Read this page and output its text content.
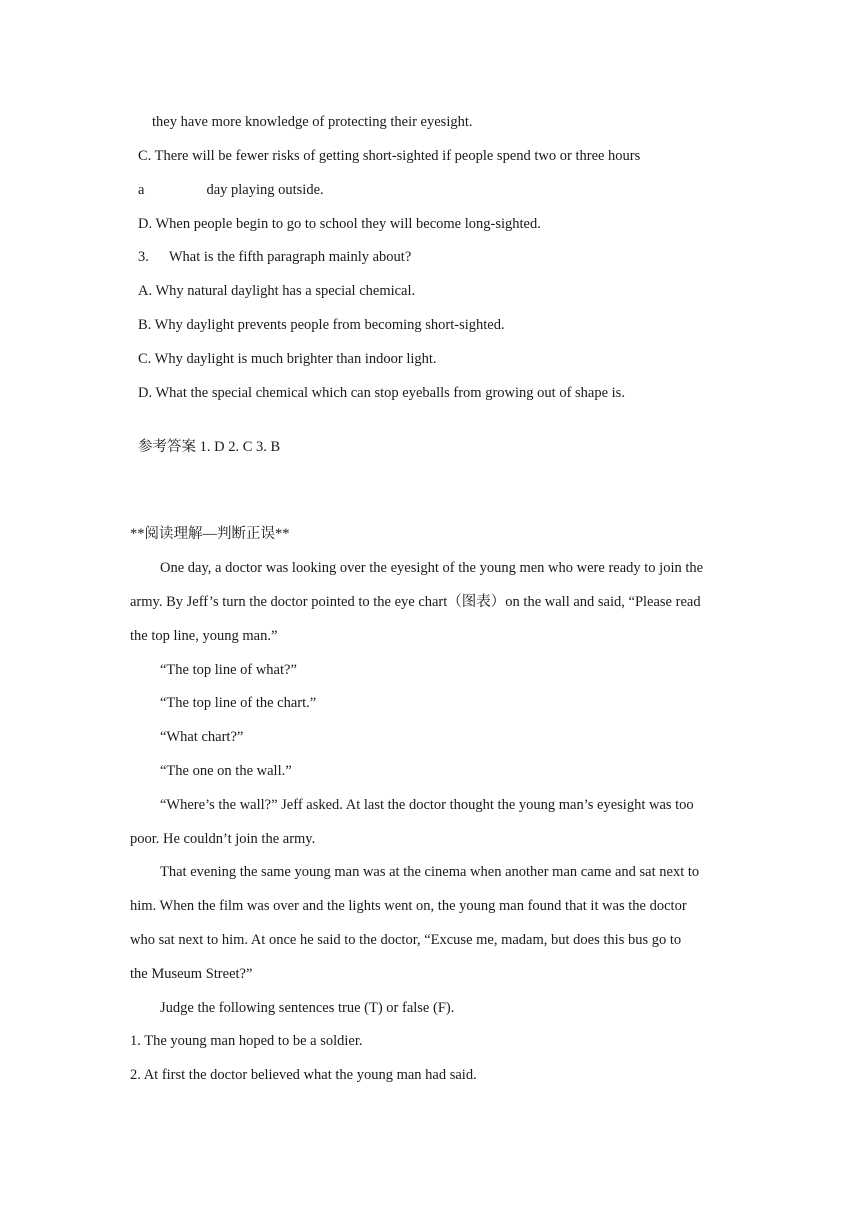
they have more knowledge of protecting their eyesight.
C. There will be fewer risks of getting short-sighted if people spend two or three hours
a	day playing outside.
D. When people begin to go to school they will become long-sighted.
3. What is the fifth paragraph mainly about?
A. Why natural daylight has a special chemical.
B. Why daylight prevents people from becoming short-sighted.
C. Why daylight is much brighter than indoor light.
D. What the special chemical which can stop eyeballs from growing out of shape is.
参考答案 1. D 2. C 3. B
**阅读理解—判断正误**
One day, a doctor was looking over the eyesight of the young men who were ready to join the
army. By Jeff’s turn the doctor pointed to the eye chart（图表）on the wall and said, “Please read
the top line, young man.”
“The top line of what?”
“The top line of the chart.”
“What chart?”
“The one on the wall.”
“Where’s the wall?” Jeff asked. At last the doctor thought the young man’s eyesight was too
poor. He couldn’t join the army.
That evening the same young man was at the cinema when another man came and sat next to
him. When the film was over and the lights went on, the young man found that it was the doctor
who sat next to him. At once he said to the doctor, “Excuse me, madam, but does this bus go to
the Museum Street?”
Judge the following sentences true (T) or false (F).
1. The young man hoped to be a soldier.
2. At first the doctor believed what the young man had said.
